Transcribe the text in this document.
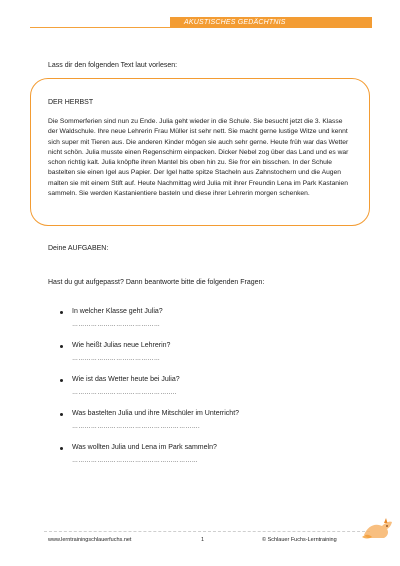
AKUSTISCHES GEDÄCHTNIS
Lass dir den folgenden Text laut vorlesen:
DER HERBST

Die Sommerferien sind nun zu Ende. Julia geht wieder in die Schule. Sie besucht jetzt die 3. Klasse der Waldschule. Ihre neue Lehrerin Frau Müller ist sehr nett. Sie macht gerne lustige Witze und kennt sich super mit Tieren aus. Die anderen Kinder mögen sie auch sehr gerne. Heute früh war das Wetter nicht schön. Julia musste einen Regenschirm einpacken. Dicker Nebel zog über das Land und es war schon richtig kalt. Julia knöpfte ihren Mantel bis oben hin zu. Sie fror ein bisschen. In der Schule bastelten sie einen Igel aus Papier. Der Igel hatte spitze Stacheln aus Zahnstochern und die Augen malten sie mit einem Stift auf. Heute Nachmittag wird Julia mit ihrer Freundin Lena im Park Kastanien sammeln. Sie werden Kastanientiere basteln und diese ihrer Lehrerin morgen schenken.

Deine AUFGABEN:
Hast du gut aufgepasst? Dann beantworte bitte die folgenden Fragen:
In welcher Klasse geht Julia?
……………………………………
Wie heißt Julias neue Lehrerin?
……………………………………
Wie ist das Wetter heute bei Julia?
…………………………………………..
Was bastelten Julia und ihre Mitschüler im Unterricht?
…………………………………………………….
Was wollten Julia und Lena im Park sammeln?
……………………………………………………
www.lerntrainingschlauerfuchs.net	1	© Schlauer Fuchs-Lerntraining
